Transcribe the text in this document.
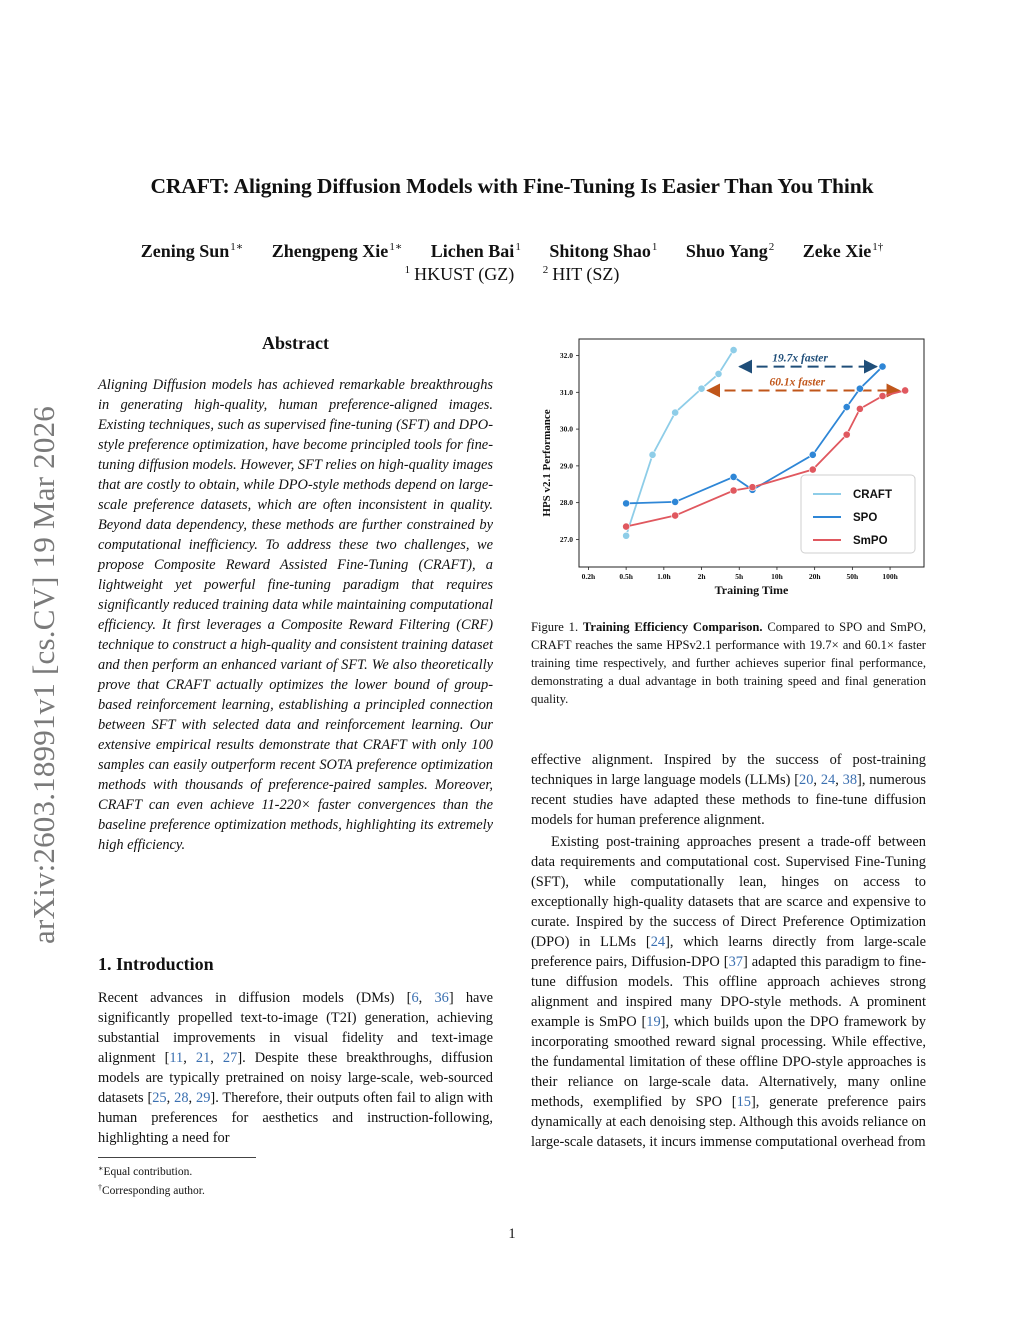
CRAFT: Aligning Diffusion Models with Fine-Tuning Is Easier Than You Think
Zening Sun$^{1∗}$ Zhengpeng Xie$^{1∗}$ Lichen Bai$^1$ Shitong Shao$^1$ Shuo Yang$^2$ Zeke Xie$^{1\dagger}$
$^1$ HKUST (GZ)	$^2$ HIT (SZ)
arXiv:2603.18991v1 [cs.CV] 19 Mar 2026
Abstract
Aligning Diffusion models has achieved remarkable breakthroughs in generating high-quality, human preference-aligned images. Existing techniques, such as supervised fine-tuning (SFT) and DPO-style preference optimization, have become principled tools for fine-tuning diffusion models. However, SFT relies on high-quality images that are costly to obtain, while DPO-style methods depend on large-scale preference datasets, which are often inconsistent in quality. Beyond data dependency, these methods are further constrained by computational inefficiency. To address these two challenges, we propose Composite Reward Assisted Fine-Tuning (CRAFT), a lightweight yet powerful fine-tuning paradigm that requires significantly reduced training data while maintaining computational efficiency. It first leverages a Composite Reward Filtering (CRF) technique to construct a high-quality and consistent training dataset and then perform an enhanced variant of SFT. We also theoretically prove that CRAFT actually optimizes the lower bound of group-based reinforcement learning, establishing a principled connection between SFT with selected data and reinforcement learning. Our extensive empirical results demonstrate that CRAFT with only 100 samples can easily outperform recent SOTA preference optimization methods with thousands of preference-paired samples. Moreover, CRAFT can even achieve 11-220× faster convergences than the baseline preference optimization methods, highlighting its extremely high efficiency.
1. Introduction
Recent advances in diffusion models (DMs) [6, 36] have significantly propelled text-to-image (T2I) generation, achieving substantial improvements in visual fidelity and text-image alignment [11, 21, 27]. Despite these breakthroughs, diffusion models are typically pretrained on noisy large-scale, web-sourced datasets [25, 28, 29]. Therefore, their outputs often fail to align with human preferences for aesthetics and instruction-following, highlighting a need for
∗Equal contribution.
†Corresponding author.
27.0
28.0
29.0
30.0
31.0
32.0
0.2h	0.5h	1.0h	2h	5h	10h	20h	50h	100h
Training Time
HPS v2.1 Performance
19.7x faster
60.1x faster
CRAFT
SPO
SmPO
Figure 1. Training Efficiency Comparison. Compared to SPO and SmPO, CRAFT reaches the same HPSv2.1 performance with 19.7× and 60.1× faster training time respectively, and further achieves superior final performance, demonstrating a dual advantage in both training speed and final generation quality.

effective alignment. Inspired by the success of post-training techniques in large language models (LLMs) [20, 24, 38], numerous recent studies have adapted these methods to fine-tune diffusion models for human preference alignment.

Existing post-training approaches present a trade-off between data requirements and computational cost. Supervised Fine-Tuning (SFT), while computationally lean, hinges on access to exceptionally high-quality datasets that are scarce and expensive to curate. Inspired by the success of Direct Preference Optimization (DPO) in LLMs [24], which learns directly from large-scale preference pairs, Diffusion-DPO [37] adapted this paradigm to fine-tune diffusion models. This offline approach achieves strong alignment and inspired many DPO-style methods. A prominent example is SmPO [19], which builds upon the DPO framework by incorporating smoothed reward signal processing. While effective, the fundamental limitation of these offline DPO-style approaches is their reliance on large-scale data. Alternatively, many online methods, exemplified by SPO [15], generate preference pairs dynamically at each denoising step. Although this avoids reliance on large-scale datasets, it incurs immense computational overhead from

1
